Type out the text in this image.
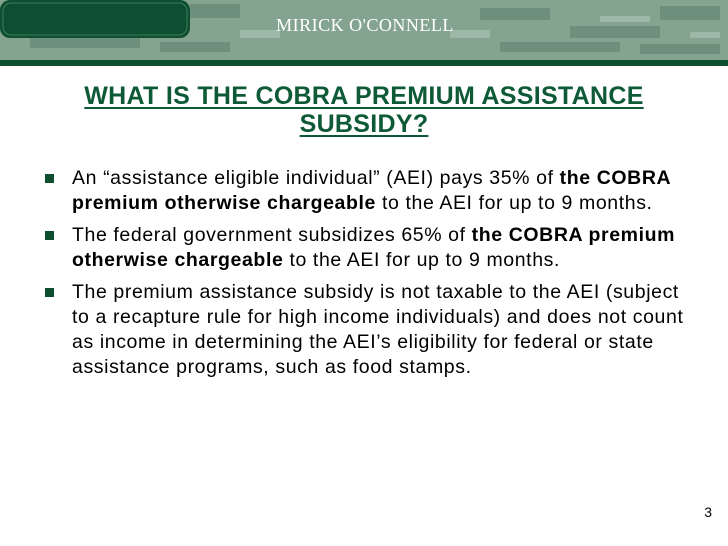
MIRICK O'CONNELL
WHAT IS THE COBRA PREMIUM ASSISTANCE SUBSIDY?
An “assistance eligible individual” (AEI) pays 35% of the COBRA premium otherwise chargeable to the AEI for up to 9 months.
The federal government subsidizes 65% of the COBRA premium otherwise chargeable to the AEI for up to 9 months.
The premium assistance subsidy is not taxable to the AEI (subject to a recapture rule for high income individuals) and does not count as income in determining the AEI’s eligibility for federal or state assistance programs, such as food stamps.
3
